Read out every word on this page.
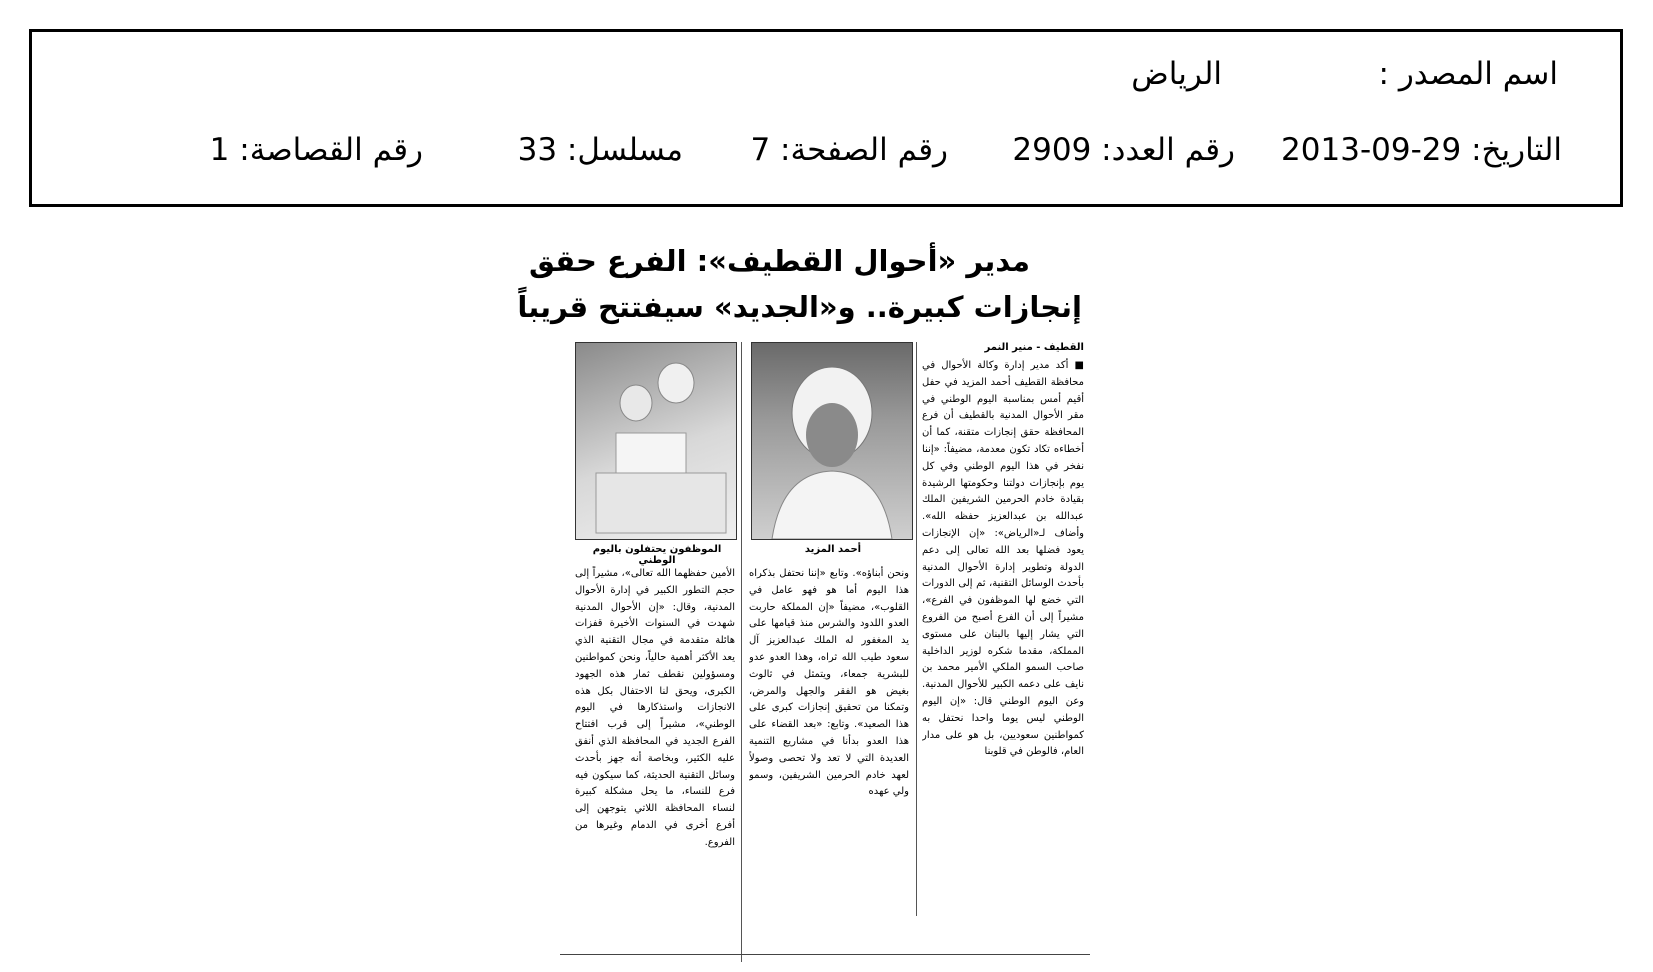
اسم المصدر :
الرياض
التاريخ: 29-09-2013
رقم العدد: 2909
رقم الصفحة: 7
مسلسل: 33
رقم القصاصة: 1
مدير «أحوال القطيف»: الفرع حقق
إنجازات كبيرة.. و«الجديد» سيفتتح قريباً
القطيف - منير النمر
■ أكد مدير إدارة وكالة الأحوال في محافظة القطيف أحمد المزيد في حفل أقيم أمس بمناسبة اليوم الوطني في مقر الأحوال المدنية بالقطيف أن فرع المحافظة حقق إنجازات متقنة، كما أن أخطاءه تكاد تكون معدمة، مضيفاً: «إننا نفخر في هذا اليوم الوطني وفي كل يوم بإنجازات دولتنا وحكومتها الرشيدة بقيادة خادم الحرمين الشريفين الملك عبدالله بن عبدالعزيز حفظه الله». وأضاف لـ«الرياض»: «إن الإنجازات يعود فضلها بعد الله تعالى إلى دعم الدولة وتطوير إدارة الأحوال المدنية بأحدث الوسائل التقنية، ثم إلى الدورات التي خضع لها الموظفون في الفرع»، مشيراً إلى أن الفرع أصبح من الفروع التي يشار إليها بالبنان على مستوى المملكة، مقدما شكره لوزير الداخلية صاحب السمو الملكي الأمير محمد بن نايف على دعمه الكبير للأحوال المدنية. وعن اليوم الوطني قال: «إن اليوم الوطني ليس يوما واحدا نحتفل به كمواطنين سعوديين، بل هو على مدار العام، فالوطن في قلوبنا
أحمد المزيد
الموظفون يحتفلون باليوم الوطني
ونحن أبناؤه». وتابع «إننا نحتفل بذكراه هذا اليوم أما هو فهو عامل في القلوب»، مضيفاً «إن المملكة حاربت العدو اللدود والشرس منذ قيامها على يد المغفور له الملك عبدالعزيز آل سعود طيب الله ثراه، وهذا العدو عدو للبشرية جمعاء، ويتمثل في ثالوث بغيض هو الفقر والجهل والمرض، وتمكنا من تحقيق إنجازات كبرى على هذا الصعيد». وتابع: «بعد القضاء على هذا العدو بدأنا في مشاريع التنمية العديدة التي لا تعد ولا تحصى وصولاً لعهد خادم الحرمين الشريفين، وسمو ولي عهده
الأمين حفظهما الله تعالى»، مشيراً إلى حجم التطور الكبير في إدارة الأحوال المدنية، وقال: «إن الأحوال المدنية شهدت في السنوات الأخيرة قفزات هائلة متقدمة في مجال التقنية الذي يعد الأكثر أهمية حالياً، ونحن كمواطنين ومسؤولين نقطف ثمار هذه الجهود الكبرى، ويحق لنا الاحتفال بكل هذه الانجازات واستذكارها في اليوم الوطني»، مشيراً إلى قرب افتتاح الفرع الجديد في المحافظة الذي أنفق عليه الكثير، وبخاصة أنه جهز بأحدث وسائل التقنية الحديثة، كما سيكون فيه فرع للنساء، ما يحل مشكلة كبيرة لنساء المحافظة اللاتي يتوجهن إلى أفرع أخرى في الدمام وغيرها من الفروع.
